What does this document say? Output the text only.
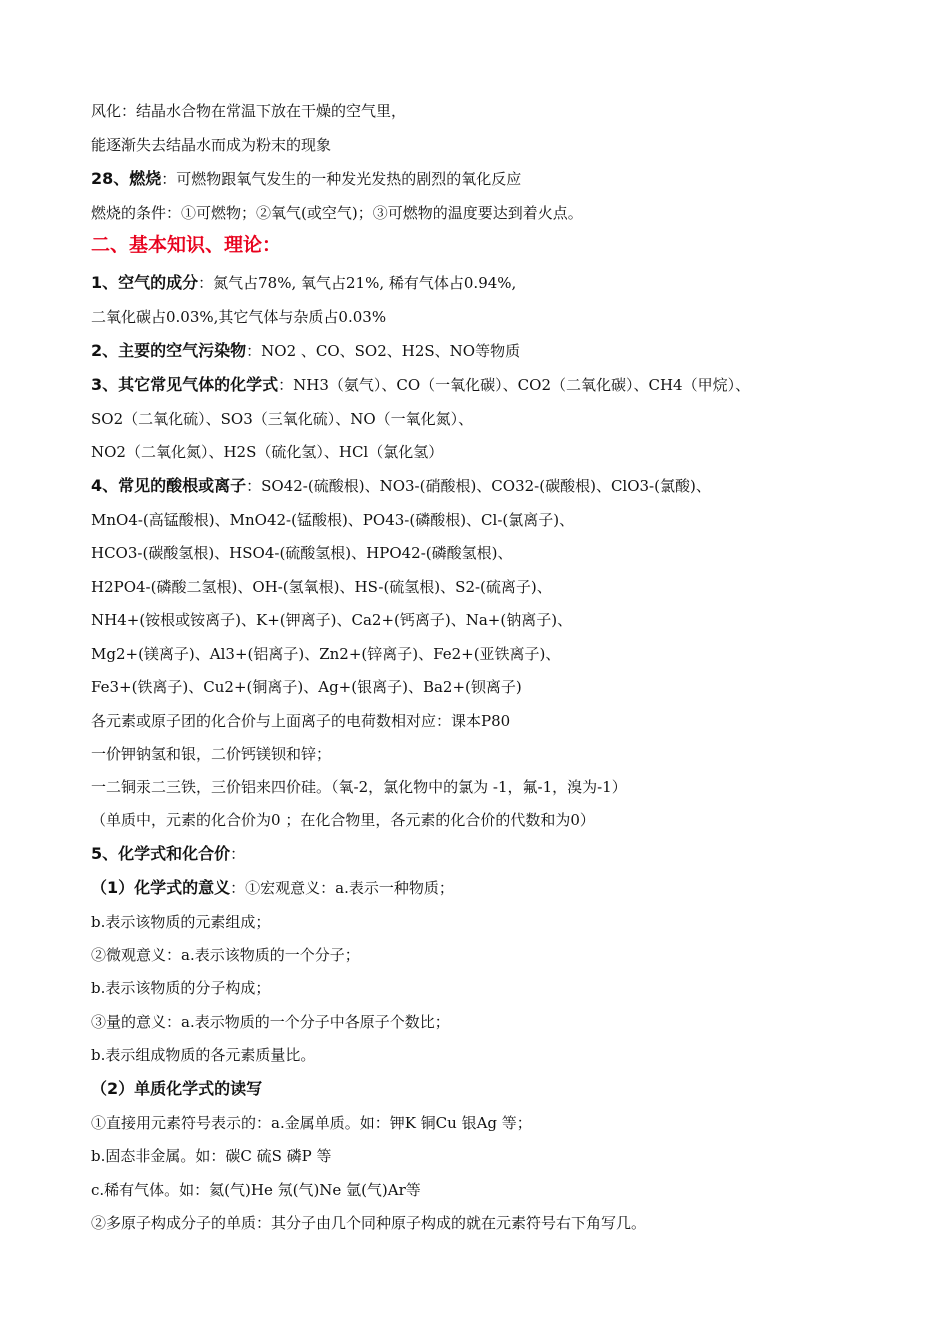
风化：结晶水合物在常温下放在干燥的空气里，
能逐渐失去结晶水而成为粉末的现象
28、燃烧：可燃物跟氧气发生的一种发光发热的剧烈的氧化反应
燃烧的条件：①可燃物；②氧气(或空气)；③可燃物的温度要达到着火点。
二、基本知识、理论：
1、空气的成分：氮气占78%, 氧气占21%, 稀有气体占0.94%,
二氧化碳占0.03%,其它气体与杂质占0.03%
2、主要的空气污染物：NO2 、CO、SO2、H2S、NO等物质
3、其它常见气体的化学式：NH3（氨气）、CO（一氧化碳）、CO2（二氧化碳）、CH4（甲烷）、
SO2（二氧化硫）、SO3（三氧化硫）、NO（一氧化氮）、
NO2（二氧化氮）、H2S（硫化氢）、HCl（氯化氢）
4、常见的酸根或离子：SO42-(硫酸根)、NO3-(硝酸根)、CO32-(碳酸根)、ClO3-(氯酸)、
MnO4-(高锰酸根)、MnO42-(锰酸根)、PO43-(磷酸根)、Cl-(氯离子)、
HCO3-(碳酸氢根)、HSO4-(硫酸氢根)、HPO42-(磷酸氢根)、
H2PO4-(磷酸二氢根)、OH-(氢氧根)、HS-(硫氢根)、S2-(硫离子)、
NH4+(铵根或铵离子)、K+(钾离子)、Ca2+(钙离子)、Na+(钠离子)、
Mg2+(镁离子)、Al3+(铝离子)、Zn2+(锌离子)、Fe2+(亚铁离子)、
Fe3+(铁离子)、Cu2+(铜离子)、Ag+(银离子)、Ba2+(钡离子)
各元素或原子团的化合价与上面离子的电荷数相对应：课本P80
一价钾钠氢和银，二价钙镁钡和锌；
一二铜汞二三铁，三价铝来四价硅。（氧-2，氯化物中的氯为 -1，氟-1，溴为-1）
（单质中，元素的化合价为0 ；在化合物里，各元素的化合价的代数和为0）
5、化学式和化合价：
（1）化学式的意义：①宏观意义：a.表示一种物质；
b.表示该物质的元素组成；
②微观意义：a.表示该物质的一个分子；
b.表示该物质的分子构成；
③量的意义：a.表示物质的一个分子中各原子个数比；
b.表示组成物质的各元素质量比。
（2）单质化学式的读写
①直接用元素符号表示的：a.金属单质。如：钾K 铜Cu 银Ag 等；
b.固态非金属。如：碳C 硫S 磷P 等
c.稀有气体。如：氦(气)He 氖(气)Ne 氩(气)Ar等
②多原子构成分子的单质：其分子由几个同种原子构成的就在元素符号右下角写几。
